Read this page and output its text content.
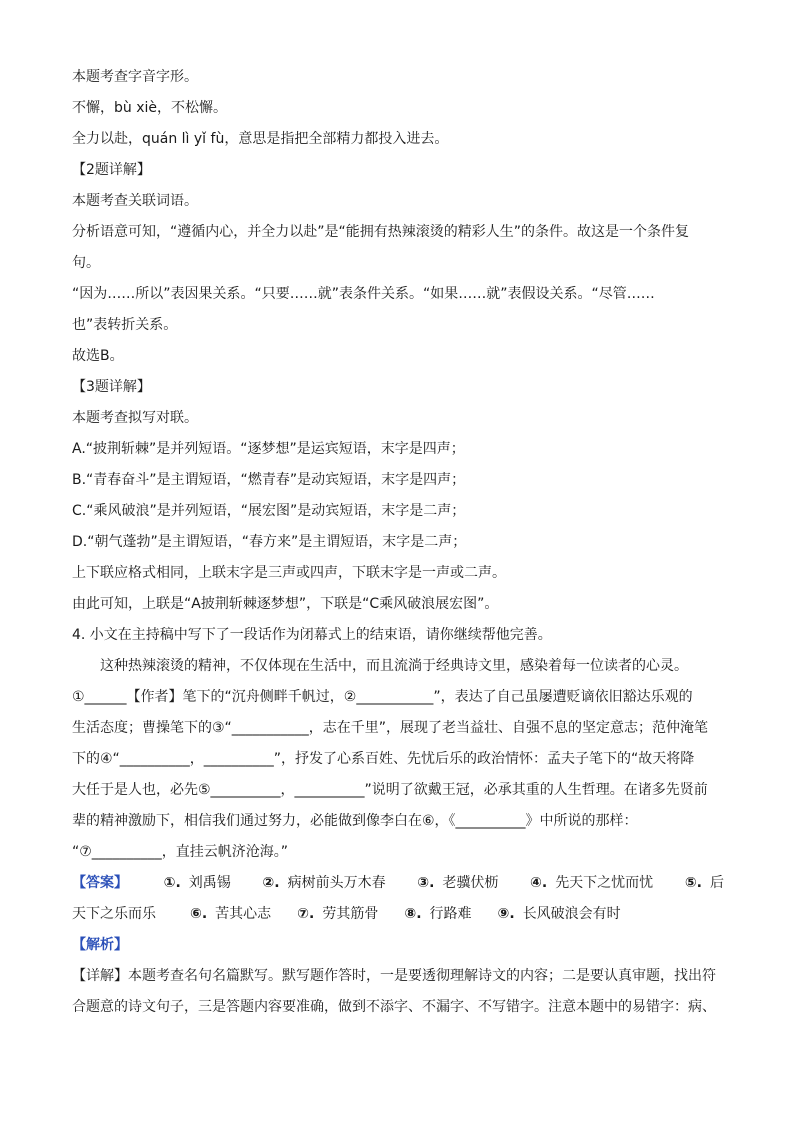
本题考查字音字形。
不懈，bù xiè，不松懈。
全力以赴，quán lì yǐ fù，意思是指把全部精力都投入进去。
【2题详解】
本题考查关联词语。
分析语意可知，“遵循内心，并全力以赴”是“能拥有热辣滚烫的精彩人生”的条件。故这是一个条件复
句。
“因为……所以”表因果关系。“只要……就”表条件关系。“如果……就”表假设关系。“尽管……
也”表转折关系。
故选B。
【3题详解】
本题考查拟写对联。
A.“披荆斩棘”是并列短语。“逐梦想”是运宾短语，末字是四声；
B.“青春奋斗”是主谓短语，“燃青春”是动宾短语，末字是四声；
C.“乘风破浪”是并列短语，“展宏图”是动宾短语，末字是二声；
D.“朝气蓬勃”是主谓短语，“春方来”是主谓短语，末字是二声；
上下联应格式相同，上联末字是三声或四声，下联末字是一声或二声。
由此可知，上联是“A披荆斩棘逐梦想”，下联是“C乘风破浪展宏图”。
4. 小文在主持稿中写下了一段话作为闭幕式上的结束语，请你继续帮他完善。
这种热辣滚烫的精神，不仅体现在生活中，而且流淌于经典诗文里，感染着每一位读者的心灵。
①______【作者】笔下的“沉舟侧畔千帆过，②___________”，表达了自己虽屡遭贬谪依旧豁达乐观的
生活态度；曹操笔下的③“___________，志在千里”，展现了老当益壮、自强不息的坚定意志；范仲淹笔
下的④“__________，__________”，抒发了心系百姓、先忧后乐的政治情怀：孟夫子笔下的“故天将降
大任于是人也，必先⑤__________，__________”说明了欲戴王冠，必承其重的人生哲理。在诸多先贤前
辈的精神激励下，相信我们通过努力，必能做到像李白在⑥，《__________》中所说的那样：
“⑦__________，直挂云帆济沧海。”
【答案】	①. 刘禹锡 ②. 病树前头万木春 ③. 老骥伏枥 ④. 先天下之忧而忧 ⑤. 后
天下之乐而乐 ⑥. 苦其心志 ⑦. 劳其筋骨 ⑧. 行路难 ⑨. 长风破浪会有时
【解析】
【详解】本题考查名句名篇默写。默写题作答时，一是要透彻理解诗文的内容；二是要认真审题，找出符
合题意的诗文句子，三是答题内容要准确，做到不添字、不漏字、不写错字。注意本题中的易错字：病、
